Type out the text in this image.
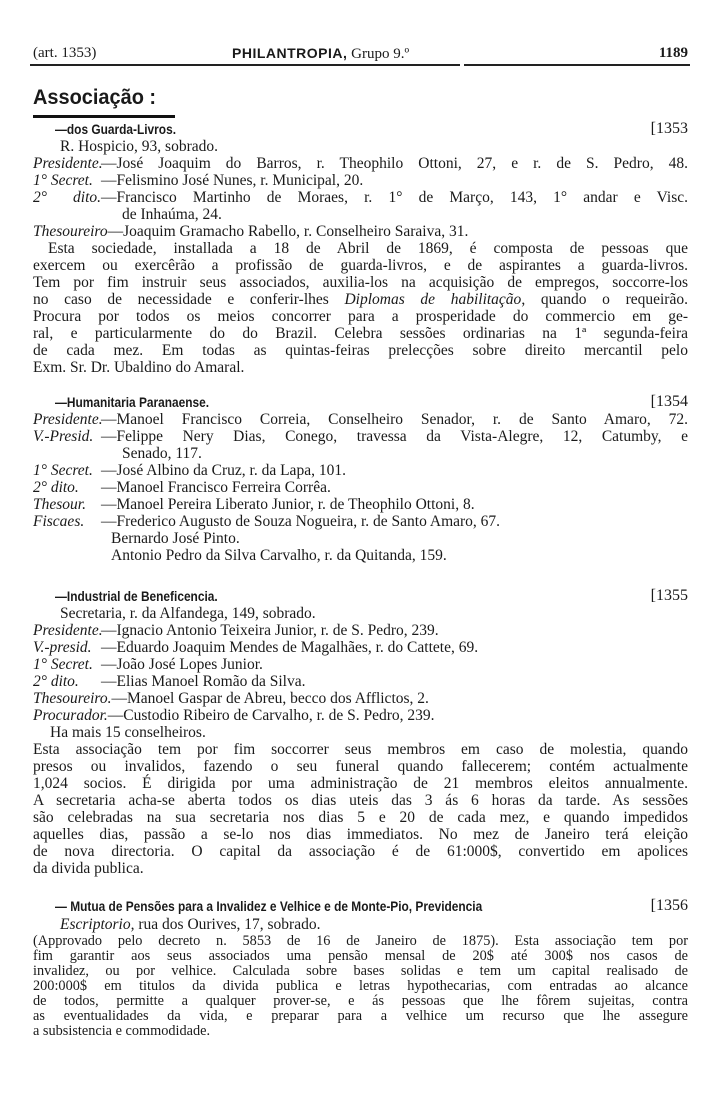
(art. 1353)	PHILANTROPIA, Grupo 9.º	1189
Associação :
—dos Guarda-Livros.	[1353
R. Hospicio, 93, sobrado.
Presidente.—José Joaquim do Barros, r. Theophilo Ottoni, 27, e r. de S. Pedro, 48.
1° Secret. —Felismino José Nunes, r. Municipal, 20.
2° dito.—Francisco Martinho de Moraes, r. 1° de Março, 143, 1° andar e Visc.
de Inhaúma, 24.
Thesoureiro—Joaquim Gramacho Rabello, r. Conselheiro Saraiva, 31.
Esta sociedade, installada a 18 de Abril de 1869, é composta de pessoas que
exercem ou exercêrão a profissão de guarda-livros, e de aspirantes a guarda-livros.
Tem por fim instruir seus associados, auxilia-los na acquisição de empregos, soccorre-los
no caso de necessidade e conferir-lhes Diplomas de habilitação, quando o requeirão.
Procura por todos os meios concorrer para a prosperidade do commercio em ge-
ral, e particularmente do do Brazil. Celebra sessões ordinarias na 1ª segunda-feira
de cada mez. Em todas as quintas-feiras prelecções sobre direito mercantil pelo
Exm. Sr. Dr. Ubaldino do Amaral.
—Humanitaria Paranaense.	[1354
Presidente.—Manoel Francisco Correia, Conselheiro Senador, r. de Santo Amaro, 72.
V.-Presid. —Felippe Nery Dias, Conego, travessa da Vista-Alegre, 12, Catumby, e
Senado, 117.
1° Secret. —José Albino da Cruz, r. da Lapa, 101.
2° dito. —Manoel Francisco Ferreira Corrêa.
Thesour. —Manoel Pereira Liberato Junior, r. de Theophilo Ottoni, 8.
Fiscaes. —Frederico Augusto de Souza Nogueira, r. de Santo Amaro, 67.
Bernardo José Pinto.
Antonio Pedro da Silva Carvalho, r. da Quitanda, 159.
—Industrial de Beneficencia.	[1355
Secretaria, r. da Alfandega, 149, sobrado.
Presidente.—Ignacio Antonio Teixeira Junior, r. de S. Pedro, 239.
V.-presid. —Eduardo Joaquim Mendes de Magalhães, r. do Cattete, 69.
1° Secret. —João José Lopes Junior.
2° dito. —Elias Manoel Romão da Silva.
Thesoureiro.—Manoel Gaspar de Abreu, becco dos Afflictos, 2.
Procurador.—Custodio Ribeiro de Carvalho, r. de S. Pedro, 239.
Ha mais 15 conselheiros.
Esta associação tem por fim soccorrer seus membros em caso de molestia, quando
presos ou invalidos, fazendo o seu funeral quando fallecerem; contém actualmente
1,024 socios. É dirigida por uma administração de 21 membros eleitos annualmente.
A secretaria acha-se aberta todos os dias uteis das 3 ás 6 horas da tarde. As sessões
são celebradas na sua secretaria nos dias 5 e 20 de cada mez, e quando impedidos
aquelles dias, passão a se-lo nos dias immediatos. No mez de Janeiro terá eleição
de nova directoria. O capital da associação é de 61:000$, convertido em apolices
da divida publica.
— Mutua de Pensões para a Invalidez e Velhice e de Monte-Pio, Previdencia	[1356
Escriptorio, rua dos Ourives, 17, sobrado.
(Approvado pelo decreto n. 5853 de 16 de Janeiro de 1875). Esta associação tem por
fim garantir aos seus associados uma pensão mensal de 20$ até 300$ nos casos de
invalidez, ou por velhice. Calculada sobre bases solidas e tem um capital realisado de
200:000$ em titulos da divida publica e letras hypothecarias, com entradas ao alcance
de todos, permitte a qualquer prover-se, e ás pessoas que lhe fôrem sujeitas, contra
as eventualidades da vida, e preparar para a velhice um recurso que lhe assegure
a subsistencia e commodidade.
